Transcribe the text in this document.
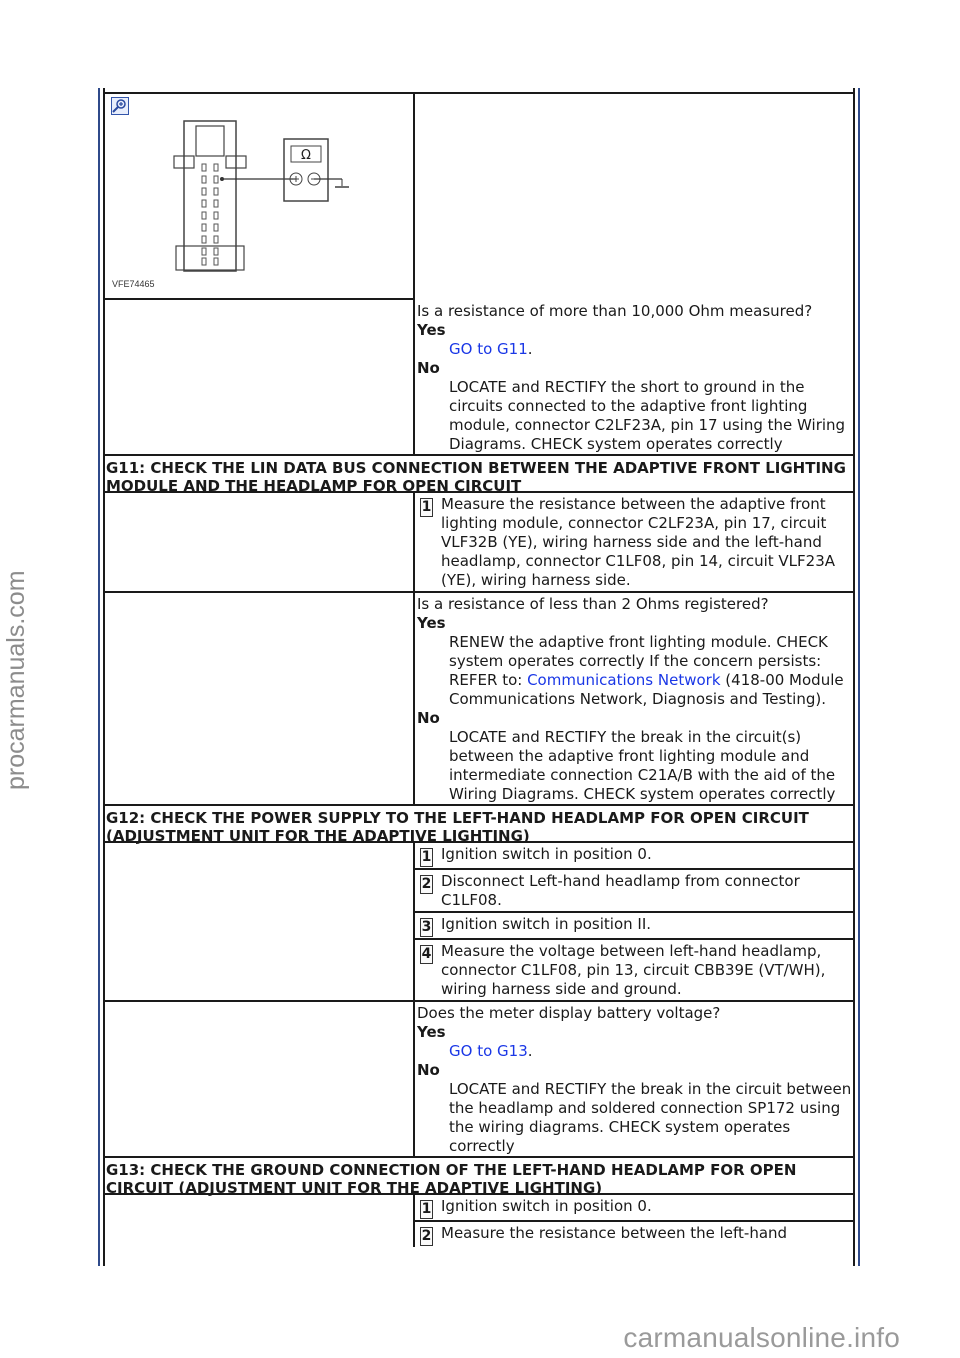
procarmanuals.com
carmanualsonline.info
Ω
VFE74465
Is a resistance of more than 10,000 Ohm measured?
Yes
GO to G11.
No
LOCATE and RECTIFY the short to ground in the circuits connected to the adaptive front lighting module, connector C2LF23A, pin 17 using the Wiring Diagrams. CHECK system operates correctly
G11: CHECK THE LIN DATA BUS CONNECTION BETWEEN THE ADAPTIVE FRONT LIGHTING MODULE AND THE HEADLAMP FOR OPEN CIRCUIT
1 Measure the resistance between the adaptive front lighting module, connector C2LF23A, pin 17, circuit VLF32B (YE), wiring harness side and the left-hand headlamp, connector C1LF08, pin 14, circuit VLF23A (YE), wiring harness side.
Is a resistance of less than 2 Ohms registered?
Yes
RENEW the adaptive front lighting module. CHECK system operates correctly If the concern persists: REFER to: Communications Network (418-00 Module Communications Network, Diagnosis and Testing).
No
LOCATE and RECTIFY the break in the circuit(s) between the adaptive front lighting module and intermediate connection C21A/B with the aid of the Wiring Diagrams. CHECK system operates correctly
G12: CHECK THE POWER SUPPLY TO THE LEFT-HAND HEADLAMP FOR OPEN CIRCUIT (ADJUSTMENT UNIT FOR THE ADAPTIVE LIGHTING)
1 Ignition switch in position 0.
2 Disconnect Left-hand headlamp from connector C1LF08.
3 Ignition switch in position II.
4 Measure the voltage between left-hand headlamp, connector C1LF08, pin 13, circuit CBB39E (VT/WH), wiring harness side and ground.
Does the meter display battery voltage?
Yes
GO to G13.
No
LOCATE and RECTIFY the break in the circuit between the headlamp and soldered connection SP172 using the wiring diagrams. CHECK system operates correctly
G13: CHECK THE GROUND CONNECTION OF THE LEFT-HAND HEADLAMP FOR OPEN CIRCUIT (ADJUSTMENT UNIT FOR THE ADAPTIVE LIGHTING)
1 Ignition switch in position 0.
2 Measure the resistance between the left-hand
